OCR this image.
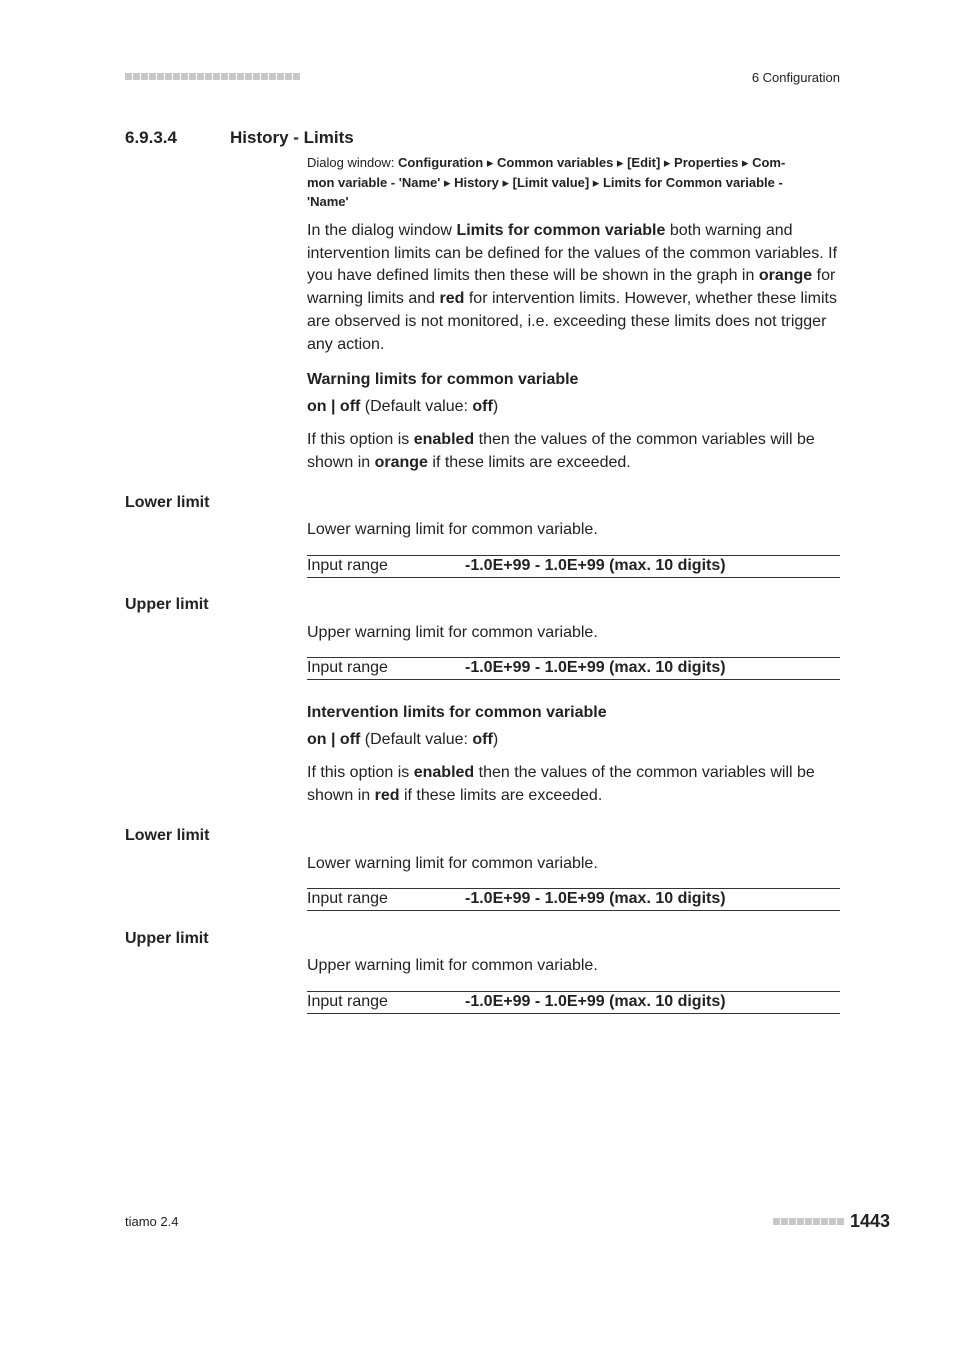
6 Configuration
6.9.3.4	History - Limits
Dialog window: Configuration ▸ Common variables ▸ [Edit] ▸ Properties ▸ Com-
mon variable - 'Name' ▸ History ▸ [Limit value] ▸ Limits for Common variable -
'Name'
In the dialog window Limits for common variable both warning and intervention limits can be defined for the values of the common variables. If you have defined limits then these will be shown in the graph in orange for warning limits and red for intervention limits. However, whether these limits are observed is not monitored, i.e. exceeding these limits does not trigger any action.
Warning limits for common variable
on | off (Default value: off)
If this option is enabled then the values of the common variables will be shown in orange if these limits are exceeded.
Lower limit
Lower warning limit for common variable.
Input range	-1.0E+99 - 1.0E+99 (max. 10 digits)
Upper limit
Upper warning limit for common variable.
Input range	-1.0E+99 - 1.0E+99 (max. 10 digits)
Intervention limits for common variable
on | off (Default value: off)
If this option is enabled then the values of the common variables will be shown in red if these limits are exceeded.
Lower limit
Lower warning limit for common variable.
Input range	-1.0E+99 - 1.0E+99 (max. 10 digits)
Upper limit
Upper warning limit for common variable.
Input range	-1.0E+99 - 1.0E+99 (max. 10 digits)
tiamo 2.4	1443
